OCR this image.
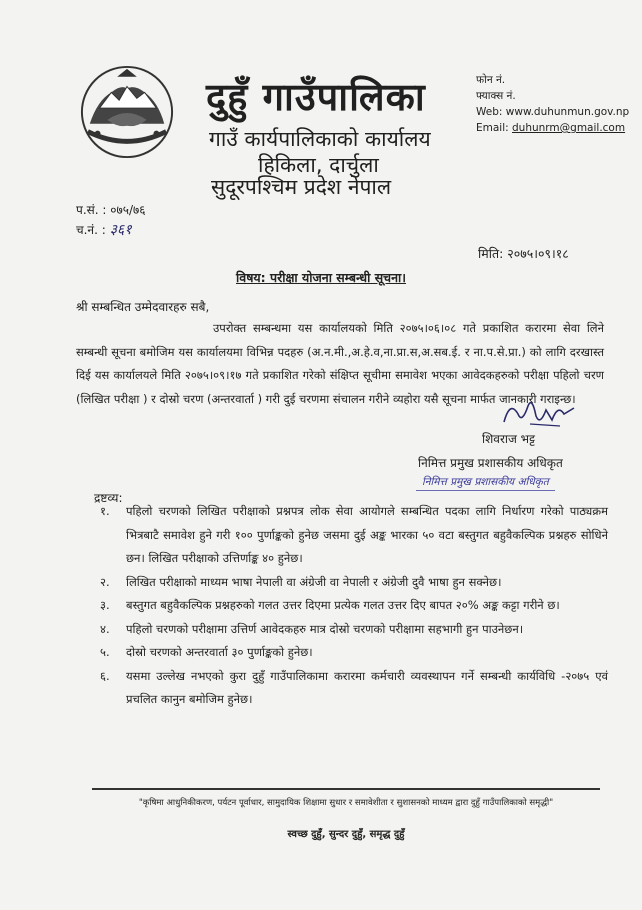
दुहुँ गाउँपालिका
गाउँ कार्यपालिकाको कार्यालय
हिकिला, दार्चुला
सुदूरपश्चिम प्रदेश नेपाल
फोन नं.
फ्याक्स नं.
Web: www.duhunmun.gov.np
Email: duhunrm@gmail.com
प.सं. : ०७५/७६
च.नं. : ३६१
मिति: २०७५।०९।१८
विषय: परीक्षा योजना सम्बन्धी सूचना।
श्री सम्बन्धित उम्मेदवारहरु सबै,
उपरोक्त सम्बन्धमा यस कार्यालयको मिति २०७५।०६।०८ गते प्रकाशित करारमा सेवा लिने सम्बन्धी सूचना बमोजिम यस कार्यालयमा विभिन्न पदहरु (अ.न.मी.,अ.हे.व,ना.प्रा.स,अ.सब.ई. र ना.प.से.प्रा.) को लागि दरखास्त दिई यस कार्यालयले मिति २०७५।०९।१७ गते प्रकाशित गरेको संक्षिप्त सूचीमा समावेश भएका आवेदकहरुको परीक्षा पहिलो चरण (लिखित परीक्षा ) र दोस्रो चरण (अन्तरवार्ता ) गरी दुई चरणमा संचालन गरीने व्यहोरा यसै सूचना मार्फत जानकारी गराइन्छ।
शिवराज भट्ट
निमित्त प्रमुख प्रशासकीय अधिकृत
निमित्त प्रमुख प्रशासकीय अधिकृत
द्रष्टव्य:
१.	पहिलो चरणको लिखित परीक्षाको प्रश्नपत्र लोक सेवा आयोगले सम्बन्धित पदका लागि निर्धारण गरेको पाठ्यक्रम भित्रबाटै समावेश हुने गरी १०० पुर्णाङ्कको हुनेछ जसमा दुई अङ्क भारका ५० वटा बस्तुगत बहुवैकल्पिक प्रश्नहरु सोधिने छन। लिखित परीक्षाको उत्तिर्णाङ्क ४० हुनेछ।
२.	लिखित परीक्षाको माध्यम भाषा नेपाली वा अंग्रेजी वा नेपाली र अंग्रेजी दुवै भाषा हुन सक्नेछ।
३.	बस्तुगत बहुवैकल्पिक प्रश्नहरुको गलत उत्तर दिएमा प्रत्येक गलत उत्तर दिए बापत २०% अङ्क कट्टा गरीने छ।
४.	पहिलो चरणको परीक्षामा उत्तिर्ण आवेदकहरु मात्र दोस्रो चरणको परीक्षामा सहभागी हुन पाउनेछन।
५.	दोस्रो चरणको अन्तरवार्ता ३० पुर्णाङ्कको हुनेछ।
६.	यसमा उल्लेख नभएको कुरा दुहुँ गाउँपालिकामा करारमा कर्मचारी व्यवस्थापन गर्ने सम्बन्धी कार्यविधि -२०७५ एवं प्रचलित कानुन बमोजिम हुनेछ।
"कृषिमा आधुनिकीकरण, पर्यटन पूर्वाधार, सामुदायिक शिक्षामा सुधार र समावेशीता र सुशासनको माध्यम द्वारा दुहुँ गाउँपालिकाको समृद्धी"
स्वच्छ दुहुँ, सुन्दर दुहुँ, समृद्ध दुहुँ
